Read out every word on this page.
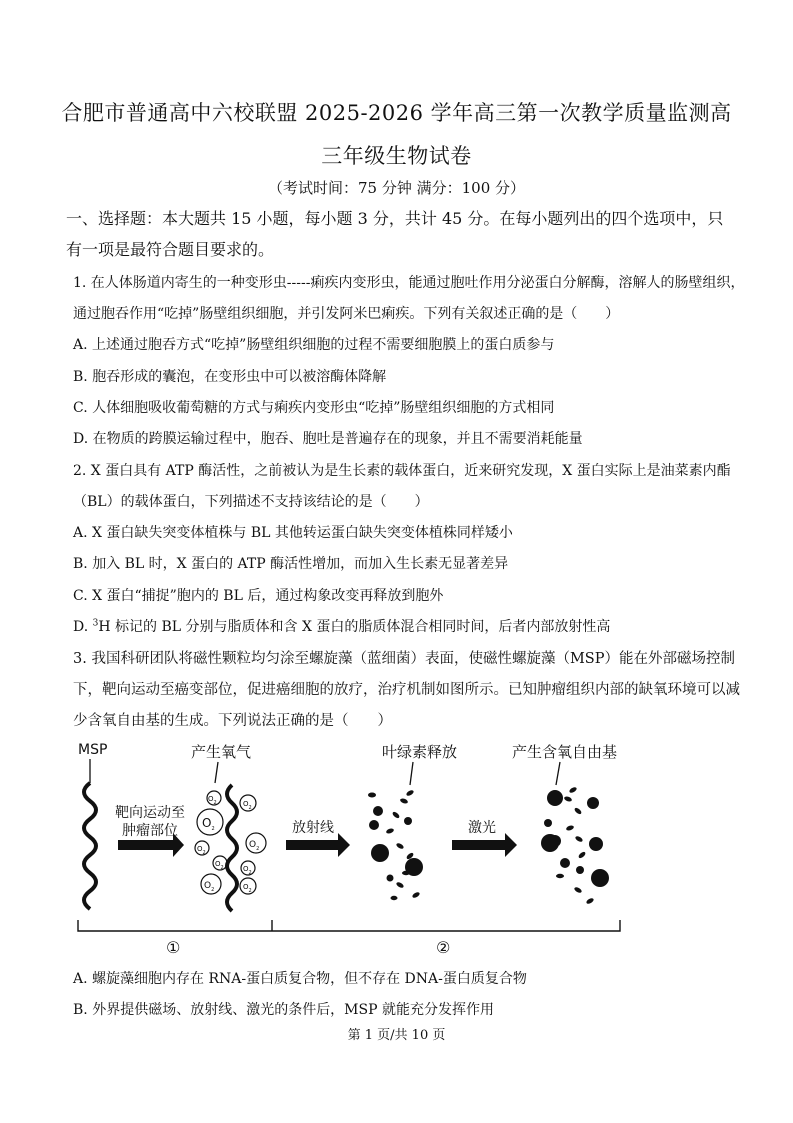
合肥市普通高中六校联盟 2025-2026 学年高三第一次教学质量监测高
三年级生物试卷
（考试时间：75 分钟 满分：100 分）
一、选择题：本大题共 15 小题，每小题 3 分，共计 45 分。在每小题列出的四个选项中，只
有一项是最符合题目要求的。
1. 在人体肠道内寄生的一种变形虫-----痢疾内变形虫，能通过胞吐作用分泌蛋白分解酶，溶解人的肠壁组织，
通过胞吞作用“吃掉”肠壁组织细胞，并引发阿米巴痢疾。下列有关叙述正确的是（　　）
A. 上述通过胞吞方式“吃掉”肠壁组织细胞的过程不需要细胞膜上的蛋白质参与
B. 胞吞形成的囊泡，在变形虫中可以被溶酶体降解
C. 人体细胞吸收葡萄糖的方式与痢疾内变形虫“吃掉”肠壁组织细胞的方式相同
D. 在物质的跨膜运输过程中，胞吞、胞吐是普遍存在的现象，并且不需要消耗能量
2. X 蛋白具有 ATP 酶活性，之前被认为是生长素的载体蛋白，近来研究发现，X 蛋白实际上是油菜素内酯
（BL）的载体蛋白，下列描述不支持该结论的是（　　）
A. X 蛋白缺失突变体植株与 BL 其他转运蛋白缺失突变体植株同样矮小
B. 加入 BL 时，X 蛋白的 ATP 酶活性增加，而加入生长素无显著差异
C. X 蛋白“捕捉”胞内的 BL 后，通过构象改变再释放到胞外
D. $^3$H 标记的 BL 分别与脂质体和含 X 蛋白的脂质体混合相同时间，后者内部放射性高
3. 我国科研团队将磁性颗粒均匀涂至螺旋藻（蓝细菌）表面，使磁性螺旋藻（MSP）能在外部磁场控制
下，靶向运动至癌变部位，促进癌细胞的放疗，治疗机制如图所示。已知肿瘤组织内部的缺氧环境可以减
少含氧自由基的生成。下列说法正确的是（　　）
MSP
靶向运动至
肿瘤部位
产生氧气
$O_2$
$O_2$
$O_2$
$O_2$
$O_2$
$O_2$
$O_2$
$O_2$
$O_2$
放射线
叶绿素释放
激光
产生含氧自由基
①	②
A. 螺旋藻细胞内存在 RNA-蛋白质复合物，但不存在 DNA-蛋白质复合物
B. 外界提供磁场、放射线、激光的条件后，MSP 就能充分发挥作用
第 1 页/共 10 页
